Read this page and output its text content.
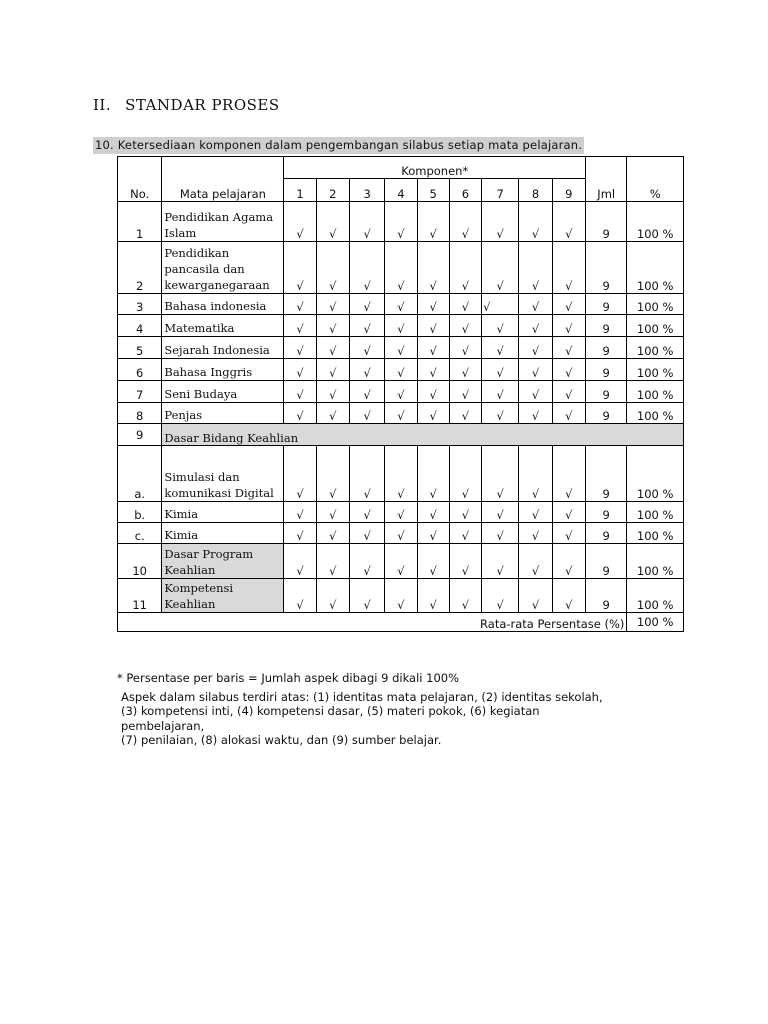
II. STANDAR PROSES
10. Ketersediaan komponen dalam pengembangan silabus setiap mata pelajaran.
No.	Mata pelajaran	Komponen*									Jml	%
		1	2	3	4	5	6	7	8	9		
1	Pendidikan Agama Islam	√	√	√	√	√	√	√	√	√	9	100 %
2	Pendidikan pancasila dan kewarganegaraan	√	√	√	√	√	√	√	√	√	9	100 %
3	Bahasa indonesia	√	√	√	√	√	√	√	√	√	9	100 %
4	Matematika	√	√	√	√	√	√	√	√	√	9	100 %
5	Sejarah Indonesia	√	√	√	√	√	√	√	√	√	9	100 %
6	Bahasa Inggris	√	√	√	√	√	√	√	√	√	9	100 %
7	Seni Budaya	√	√	√	√	√	√	√	√	√	9	100 %
8	Penjas	√	√	√	√	√	√	√	√	√	9	100 %
9	Dasar Bidang Keahlian											
a.	Simulasi dan komunikasi Digital	√	√	√	√	√	√	√	√	√	9	100 %
b.	Kimia	√	√	√	√	√	√	√	√	√	9	100 %
c.	Kimia	√	√	√	√	√	√	√	√	√	9	100 %
10	Dasar Program Keahlian	√	√	√	√	√	√	√	√	√	9	100 %
11	Kompetensi Keahlian	√	√	√	√	√	√	√	√	√	9	100 %
Rata-rata Persentase (%)												100 %
* Persentase per baris = Jumlah aspek dibagi 9 dikali 100%
Aspek dalam silabus terdiri atas: (1) identitas mata pelajaran, (2) identitas sekolah,
(3) kompetensi inti, (4) kompetensi dasar, (5) materi pokok, (6) kegiatan
pembelajaran,
(7) penilaian, (8) alokasi waktu, dan (9) sumber belajar.
